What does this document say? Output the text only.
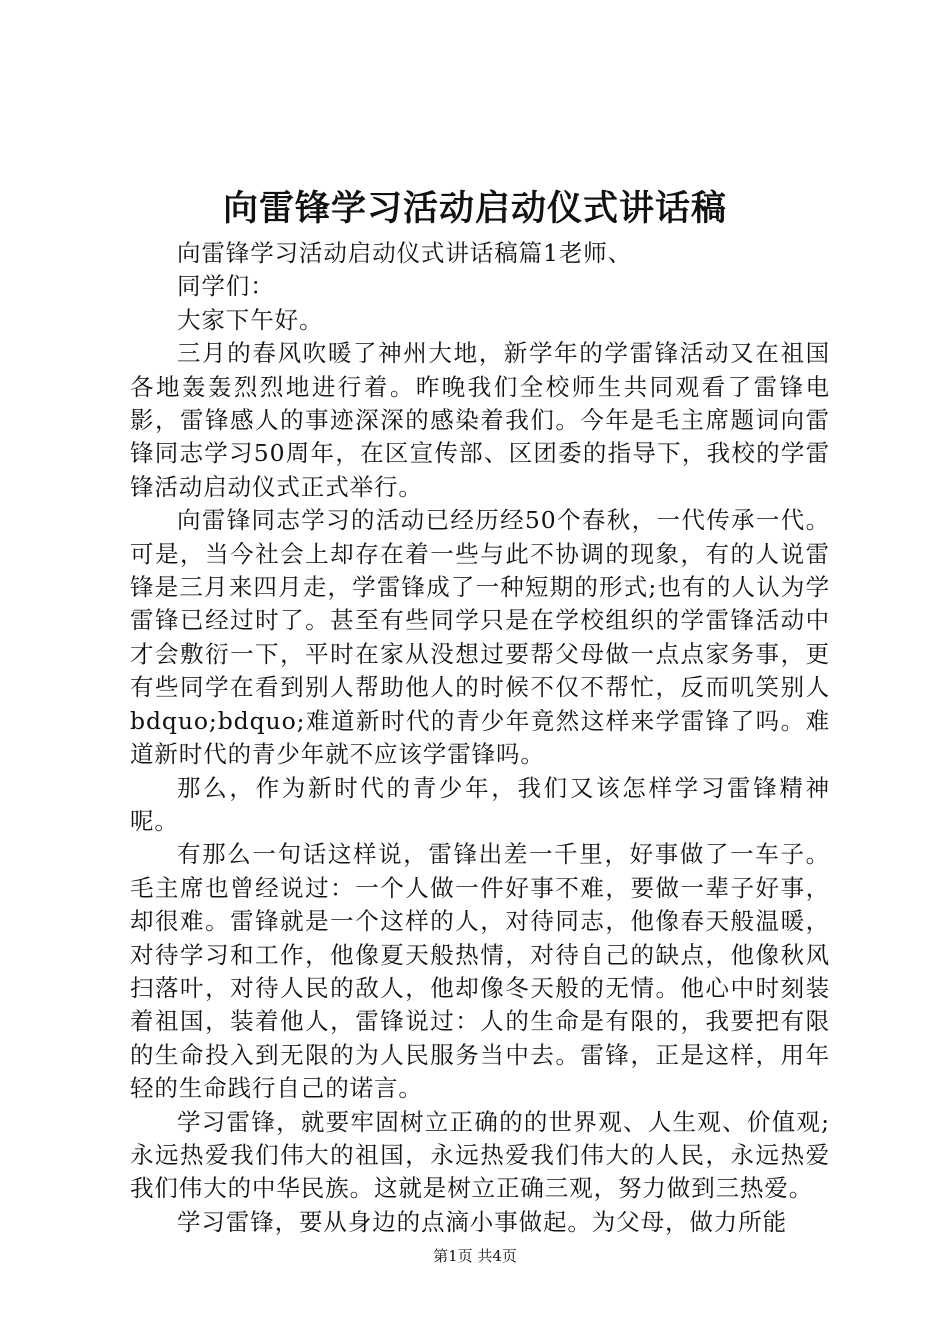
向雷锋学习活动启动仪式讲话稿

向雷锋学习活动启动仪式讲话稿篇1老师、

同学们：

大家下午好。

三月的春风吹暖了神州大地，新学年的学雷锋活动又在祖国各地轰轰烈烈地进行着。昨晚我们全校师生共同观看了雷锋电影，雷锋感人的事迹深深的感染着我们。今年是毛主席题词向雷锋同志学习50周年，在区宣传部、区团委的指导下，我校的学雷锋活动启动仪式正式举行。

向雷锋同志学习的活动已经历经50个春秋，一代传承一代。可是，当今社会上却存在着一些与此不协调的现象，有的人说雷锋是三月来四月走，学雷锋成了一种短期的形式;也有的人认为学雷锋已经过时了。甚至有些同学只是在学校组织的学雷锋活动中才会敷衍一下，平时在家从没想过要帮父母做一点点家务事，更有些同学在看到别人帮助他人的时候不仅不帮忙，反而叽笑别人bdquo;bdquo;难道新时代的青少年竟然这样来学雷锋了吗。难道新时代的青少年就不应该学雷锋吗。

那么，作为新时代的青少年，我们又该怎样学习雷锋精神呢。

有那么一句话这样说，雷锋出差一千里，好事做了一车子。毛主席也曾经说过：一个人做一件好事不难，要做一辈子好事，却很难。雷锋就是一个这样的人，对待同志，他像春天般温暖，对待学习和工作，他像夏天般热情，对待自己的缺点，他像秋风扫落叶，对待人民的敌人，他却像冬天般的无情。他心中时刻装着祖国，装着他人，雷锋说过：人的生命是有限的，我要把有限的生命投入到无限的为人民服务当中去。雷锋，正是这样，用年轻的生命践行自己的诺言。

学习雷锋，就要牢固树立正确的的世界观、人生观、价值观;永远热爱我们伟大的祖国，永远热爱我们伟大的人民，永远热爱我们伟大的中华民族。这就是树立正确三观，努力做到三热爱。

学习雷锋，要从身边的点滴小事做起。为父母，做力所能

第1页 共4页
